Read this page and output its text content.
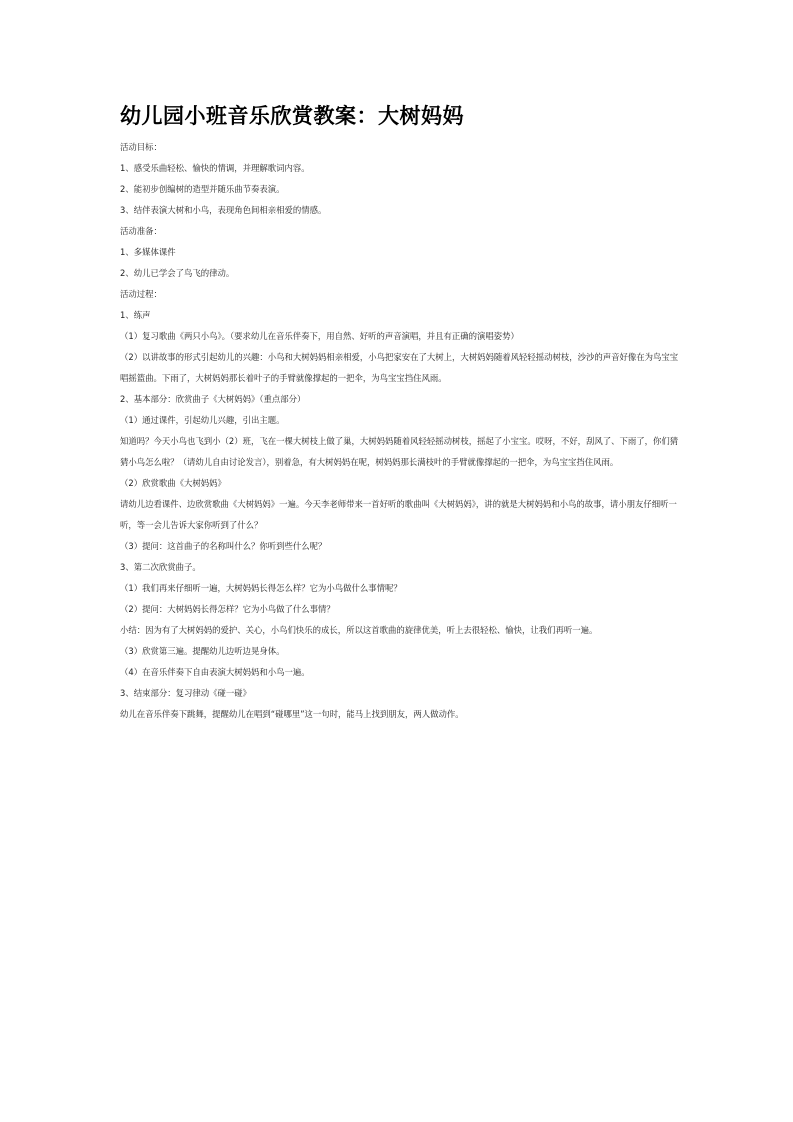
幼儿园小班音乐欣赏教案：大树妈妈

活动目标：

1、感受乐曲轻松、愉快的情调，并理解歌词内容。

2、能初步创编树的造型并随乐曲节奏表演。

3、结伴表演大树和小鸟，表现角色间相亲相爱的情感。

活动准备：

1、多媒体课件

2、幼儿已学会了鸟飞的律动。

活动过程：

1、练声

（1）复习歌曲《两只小鸟》。（要求幼儿在音乐伴奏下，用自然、好听的声音演唱，并且有正确的演唱姿势）

（2）以讲故事的形式引起幼儿的兴趣：小鸟和大树妈妈相亲相爱，小鸟把家安在了大树上，大树妈妈随着风轻轻摇动树枝，沙沙的声音好像在为鸟宝宝唱摇篮曲。下雨了，大树妈妈那长着叶子的手臂就像撑起的一把伞，为鸟宝宝挡住风雨。

2、基本部分：欣赏曲子《大树妈妈》（重点部分）

（1）通过课件，引起幼儿兴趣，引出主题。

知道吗？今天小鸟也飞到小（2）班，飞在一棵大树枝上做了巢，大树妈妈随着风轻轻摇动树枝，摇起了小宝宝。哎呀，不好，刮风了、下雨了，你们猜猜小鸟怎么啦？（请幼儿自由讨论发言），别着急，有大树妈妈在呢，树妈妈那长满枝叶的手臂就像撑起的一把伞，为鸟宝宝挡住风雨。

（2）欣赏歌曲《大树妈妈》

请幼儿边看课件、边欣赏歌曲《大树妈妈》一遍。今天李老师带来一首好听的歌曲叫《大树妈妈》，讲的就是大树妈妈和小鸟的故事，请小朋友仔细听一听，等一会儿告诉大家你听到了什么？

（3）提问：这首曲子的名称叫什么？你听到些什么呢？

3、第二次欣赏曲子。

（1）我们再来仔细听一遍，大树妈妈长得怎么样？它为小鸟做什么事情呢？

（2）提问：大树妈妈长得怎样？它为小鸟做了什么事情？

小结：因为有了大树妈妈的爱护、关心，小鸟们快乐的成长，所以这首歌曲的旋律优美，听上去很轻松、愉快，让我们再听一遍。

（3）欣赏第三遍。提醒幼儿边听边晃身体。

（4）在音乐伴奏下自由表演大树妈妈和小鸟一遍。

3、结束部分：复习律动《碰一碰》

幼儿在音乐伴奏下跳舞，提醒幼儿在唱到“碰哪里”这一句时，能马上找到朋友，两人做动作。
